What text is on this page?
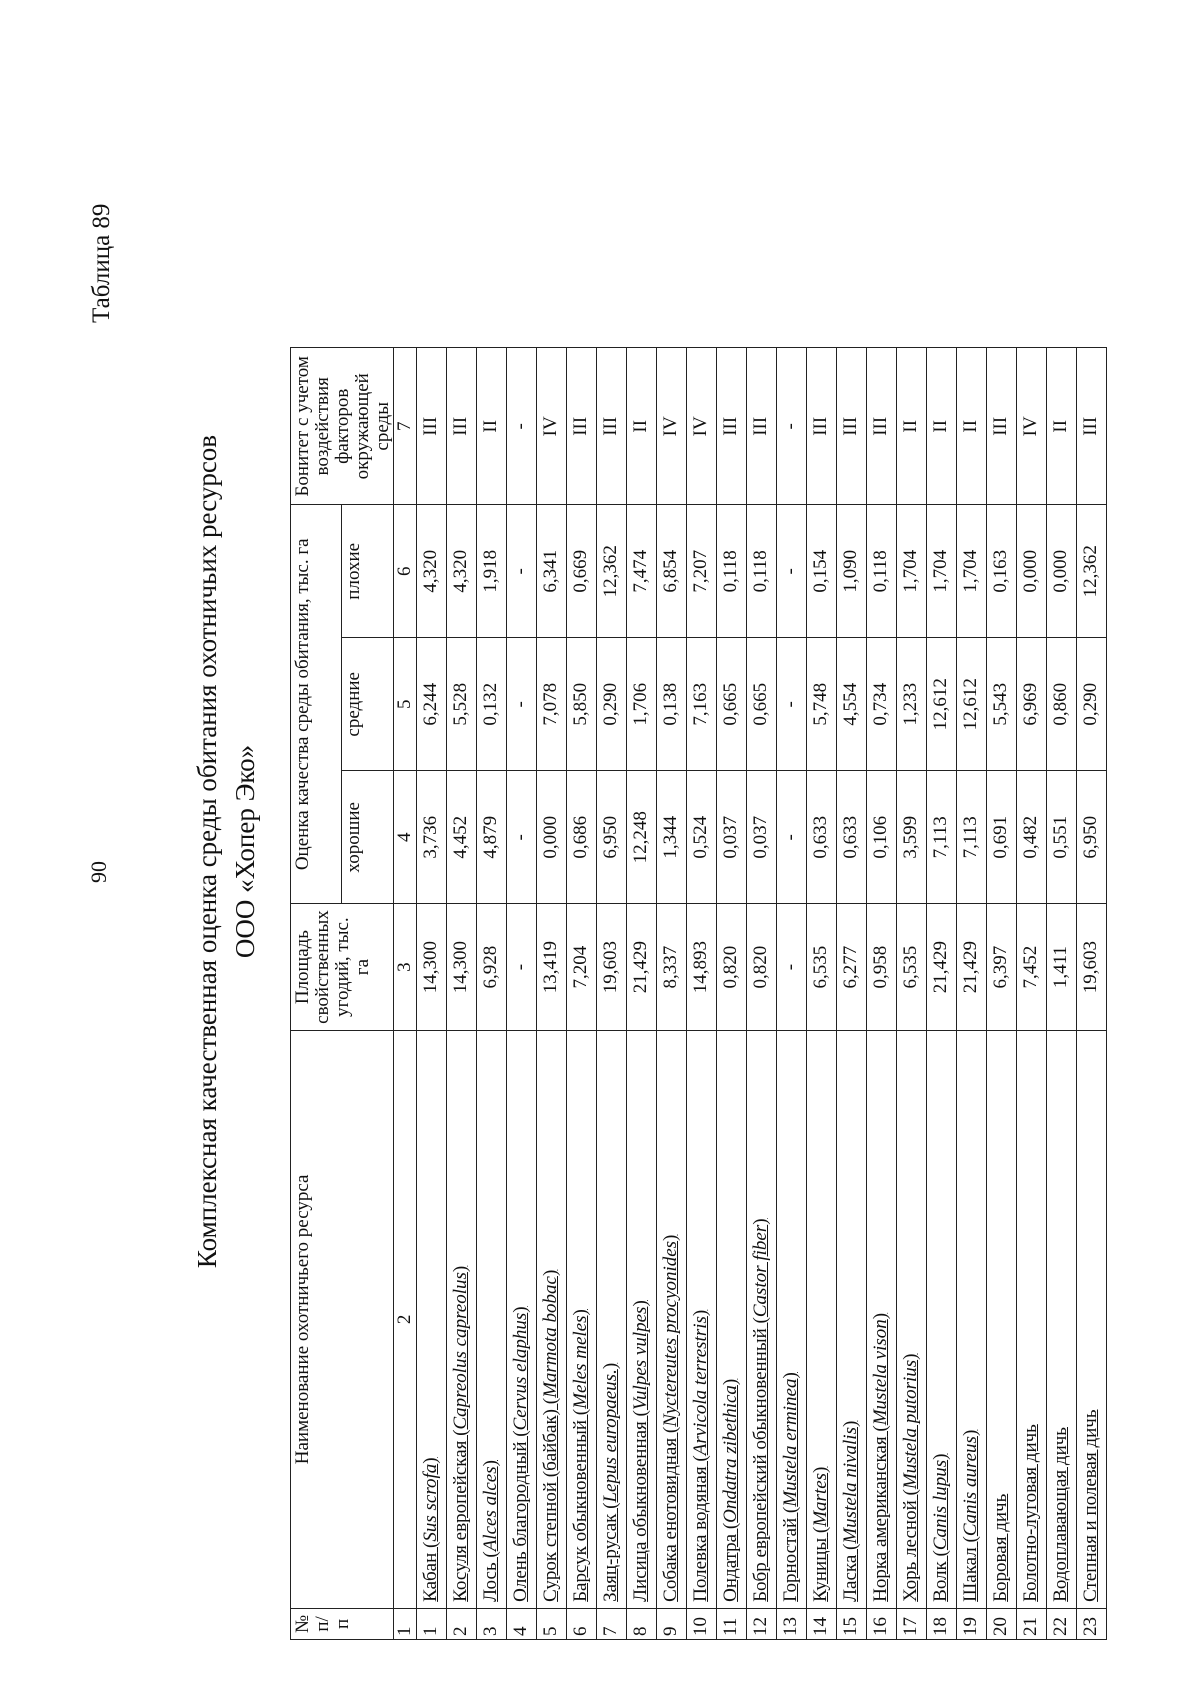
90
Таблица 89
Комплексная качественная оценка среды обитания охотничьих ресурсов ООО «Хопер Эко»
№ п/п	Наименование охотничьего ресурса	Площадь свойственных угодий, тыс. га	Оценка качества среды обитания, тыс. га			Бонитет с учетом воздействия факторов окружающей среды
			хорошие	средние	плохие	
1	2	3	4	5	6	7
1	Кабан (Sus scrofa)	14,300	3,736	6,244	4,320	III
2	Косуля европейская (Capreolus capreolus)	14,300	4,452	5,528	4,320	III
3	Лось (Alces alces)	6,928	4,879	0,132	1,918	II
4	Олень благородный (Cervus elaphus)	-	-	-	-	-
5	Сурок степной (байбак) (Marmota bobac)	13,419	0,000	7,078	6,341	IV
6	Барсук обыкновенный (Meles meles)	7,204	0,686	5,850	0,669	III
7	Заяц-русак (Lepus europaeus.)	19,603	6,950	0,290	12,362	III
8	Лисица обыкновенная (Vulpes vulpes)	21,429	12,248	1,706	7,474	II
9	Собака енотовидная (Nyctereutes procyonides)	8,337	1,344	0,138	6,854	IV
10	Полевка водяная (Arvicola terrestris)	14,893	0,524	7,163	7,207	IV
11	Ондатра (Ondatra zibethica)	0,820	0,037	0,665	0,118	III
12	Бобр европейский обыкновенный (Castor fiber)	0,820	0,037	0,665	0,118	III
13	Горностай (Mustela erminea)	-	-	-	-	-
14	Куницы (Martes)	6,535	0,633	5,748	0,154	III
15	Ласка (Mustela nivalis)	6,277	0,633	4,554	1,090	III
16	Норка американская (Mustela vison)	0,958	0,106	0,734	0,118	III
17	Хорь лесной (Mustela putorius)	6,535	3,599	1,233	1,704	II
18	Волк (Canis lupus)	21,429	7,113	12,612	1,704	II
19	Шакал (Canis aureus)	21,429	7,113	12,612	1,704	II
20	Боровая дичь	6,397	0,691	5,543	0,163	III
21	Болотно-луговая дичь	7,452	0,482	6,969	0,000	IV
22	Водоплавающая дичь	1,411	0,551	0,860	0,000	II
23	Степная и полевая дичь	19,603	6,950	0,290	12,362	III
